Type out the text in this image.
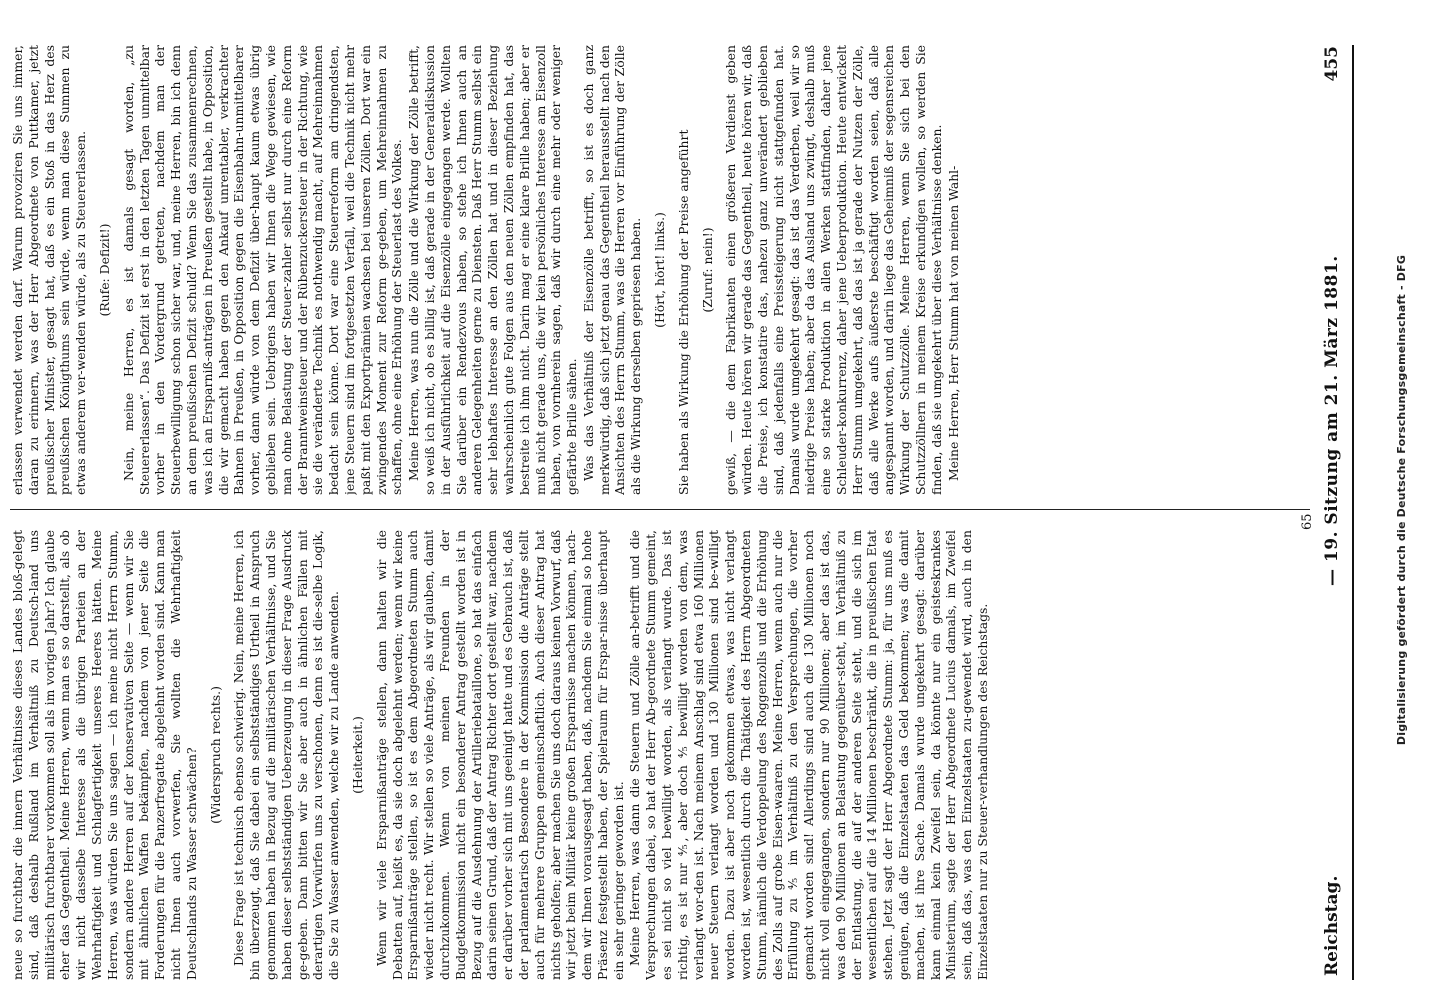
neue so furchtbar die innern Verhältnisse dieses Landes bloß-gelegt sind, daß deshalb Rußland im Verhältniß zu Deutsch-land uns militärisch furchtbarer vorkommen soll als im vorigen Jahr? Ich glaube eher das Gegentheil. Meine Herren, wenn man es so darstellt, als ob wir nicht dasselbe Interesse als die übrigen Parteien an der Wehrhaftigkeit und Schlagfertigkeit unseres Heeres hätten. Meine Herren, was würden Sie uns sagen — ich meine nicht Herrn Stumm, sondern andere Herren auf der konservativen Seite — wenn wir Sie mit ähnlichen Waffen bekämpfen, nachdem von jener Seite die Forderungen für die Panzerfregatte abgelehnt worden sind. Kann man nicht Ihnen auch vorwerfen, Sie wollten die Wehrhaftigkeit Deutschlands zu Wasser schwächen? (Widerspruch rechts.) Diese Frage ist technisch ebenso schwierig. Nein, meine Herren, ich bin überzeugt, daß Sie dabei ein selbstständiges Urtheil in Anspruch genommen haben in Bezug auf die militärischen Verhältnisse, und Sie haben dieser selbstständigen Ueberzeugung in dieser Frage Ausdruck ge-geben. Dann bitten wir Sie aber auch in ähnlichen Fällen mit derartigen Vorwürfen uns zu verschonen, denn es ist die-selbe Logik, die Sie zu Wasser anwenden, welche wir zu Lande anwenden. (Heiterkeit.) Wenn wir viele Ersparnißanträge stellen, dann halten wir die Debatten auf, heißt es, da sie doch abgelehnt werden; wenn wir keine Ersparnißanträge stellen, so ist es dem Abgeordneten Stumm auch wieder nicht recht. Wir stellen so viele Anträge, als wir glauben, damit durchzukommen. Wenn von meinen Freunden in der Budgetkommission nicht ein besonderer Antrag gestellt worden ist in Bezug auf die Ausdehnung der Artilleriebataillone, so hat das einfach darin seinen Grund, daß der Antrag Richter dort gestellt war, nachdem er darüber vorher sich mit uns geeinigt hatte und es Gebrauch ist, daß der parlamentarisch Besondere in der Kommission die Anträge stellt auch für mehrere Gruppen gemeinschaftlich. Auch dieser Antrag hat nichts geholfen; aber machen Sie uns doch daraus keinen Vorwurf, daß wir jetzt beim Militär keine großen Ersparnisse machen können, nach-dem wir Ihnen vorausgesagt haben, daß, nachdem Sie einmal so hohe Präsenz festgestellt haben, der Spielraum für Erspar-nisse überhaupt ein sehr geringer geworden ist. Meine Herren, was dann die Steuern und Zölle an-betrifft und die Versprechungen dabei, so hat der Herr Ab-geordnete Stumm gemeint, es sei nicht so viel bewilligt worden, als verlangt wurde. Das ist richtig, es ist nur ⅘, aber doch ⅘ bewilligt worden von dem, was verlangt wor-den ist. Nach meinem Anschlag sind etwa 160 Millionen neuer Steuern verlangt worden und 130 Millionen sind be-willigt worden. Dazu ist aber noch gekommen etwas, was nicht verlangt worden ist, wesentlich durch die Thätigkeit des Herrn Abgeordneten Stumm, nämlich die Verdoppelung des Roggenzolls und die Erhöhung des Zolls auf grobe Eisen-waaren. Meine Herren, wenn auch nur die Erfüllung zu ⅘ im Verhältniß zu den Versprechungen, die vorher gemacht worden sind! Allerdings sind auch die 130 Millionen noch nicht voll eingegangen, sondern nur 90 Millionen; aber das ist das, was den 90 Millionen an Belastung gegenüber-steht, im Verhältniß zu der Entlastung, die auf der anderen Seite steht, und die sich im wesentlichen auf die 14 Millionen beschränkt, die in preußischen Etat stehen. Jetzt sagt der Herr Abgeordnete Stumm: ja, für uns muß es genügen, daß die Einzelstaaten das Geld bekommen; was die damit machen, ist ihre Sache. Damals wurde ungekehrt gesagt: darüber kann einmal kein Zweifel sein, da könnte nur ein geisteskrankes Ministerium, sagte der Herr Abgeordnete Lucius damals, im Zweifel sein, daß das, was den Einzelstaaten zu-gewendet wird, auch in den Einzelstaaten nur zu Steuer-verhandlungen des Reichstags.

erlassen verwendet werden darf. Warum provoziren Sie uns immer, daran zu erinnern, was der Herr Abgeordnete von Puttkamer, jetzt preußischer Minister, gesagt hat, daß es ein Stoß in das Herz des preußischen Königthums sein würde, wenn man diese Summen zu etwas anderem ver-wenden würde, als zu Steuererlassen. (Rufe: Defizit!) Nein, meine Herren, es ist damals gesagt worden, „zu Steuererlassen“. Das Defizit ist erst in den letzten Tagen unmittelbar vorher in den Vordergrund getreten, nachdem man der Steuerbewilligung schon sicher war, und, meine Herren, bin ich denn an dem preußischen Defizit schuld? Wenn Sie das zusammenrechnen, was ich an Ersparniß-anträgen in Preußen gestellt habe, in Opposition, die wir gemacht haben gegen den Ankauf unrentabler, verkrachter Bahnen in Preußen, in Opposition gegen die Eisenbahn-unmittelbarer vorher, dann würde von dem Defizit über-haupt kaum etwas übrig geblieben sein. Uebrigens haben wir Ihnen die Wege gewiesen, wie man ohne Belastung der Steuer-zahler selbst nur durch eine Reform der Branntweinsteuer und der Rübenzuckersteuer in der Richtung, wie sie die veränderte Technik es nothwendig macht, auf Mehreinnahmen bedacht sein könne. Dort war eine Steuerreform am dringendsten, jene Steuern sind im fortgesetzten Verfall, weil die Technik nicht mehr paßt mit den Exportprämien wachsen bei unseren Zöllen. Dort war ein zwingendes Moment zur Reform ge-geben, um Mehreinnahmen zu schaffen, ohne eine Erhöhung der Steuerlast des Volkes. Meine Herren, was nun die Zölle und die Wirkung der Zölle betrifft, so weiß ich nicht, ob es billig ist, daß gerade in der Generaldiskussion in der Ausführlichkeit auf die Eisenzölle eingegangen werde. Wollten Sie darüber ein Rendezvous haben, so stehe ich Ihnen auch an anderen Gelegenheiten gerne zu Diensten. Daß Herr Stumm selbst ein sehr lebhaftes Interesse an den Zöllen hat und in dieser Beziehung wahrscheinlich gute Folgen aus den neuen Zöllen empfinden hat, das bestreite ich ihm nicht. Darin mag er eine klare Brille haben; aber er muß nicht gerade uns, die wir kein persönliches Interesse am Eisenzoll haben, von vornherein sagen, daß wir durch eine mehr oder weniger gefärbte Brille sähen. Was das Verhältniß der Eisenzölle betrifft, so ist es doch ganz merkwürdig, daß sich jetzt genau das Gegentheil herausstellt nach den Ansichten des Herrn Stumm, was die Herren vor Einführung der Zölle als die Wirkung derselben gepriesen haben. (Hört, hört! links.) Sie haben als Wirkung die Erhöhung der Preise angeführt (Zuruf: nein!) gewiß, — die dem Fabrikanten einen größeren Verdienst geben würden. Heute hören wir gerade das Gegentheil, heute hören wir, daß die Preise, ich konstatire das, nahezu ganz unverändert geblieben sind, daß jedenfalls eine Preissteigerung nicht stattgefunden hat. Damals wurde umgekehrt gesagt: das ist das Verderben, weil wir so niedrige Preise haben; aber da das Ausland uns zwingt, deshalb muß eine so starke Produktion in allen Werken stattfinden, daher jene Schleuder-konkurrenz, daher jene Ueberproduktion. Heute entwickelt Herr Stumm umgekehrt, daß das ist ja gerade der Nutzen der Zölle, daß alle Werke aufs äußerste beschäftigt worden seien, daß alle angespannt worden, und darin liege das Geheimniß der segensreichen Wirkung der Schutzzölle. Meine Herren, wenn Sie sich bei den Schutzzöllnern in meinem Kreise erkundigen wollen, so werden Sie finden, daß sie umgekehrt über diese Verhältnisse denken. Meine Herren, Herr Stumm hat von meinen Wahl-

65
Reichstag.
— 19. Sitzung am 21. März 1881.
455
Digitalisierung gefördert durch die Deutsche Forschungsgemeinschaft - DFG
